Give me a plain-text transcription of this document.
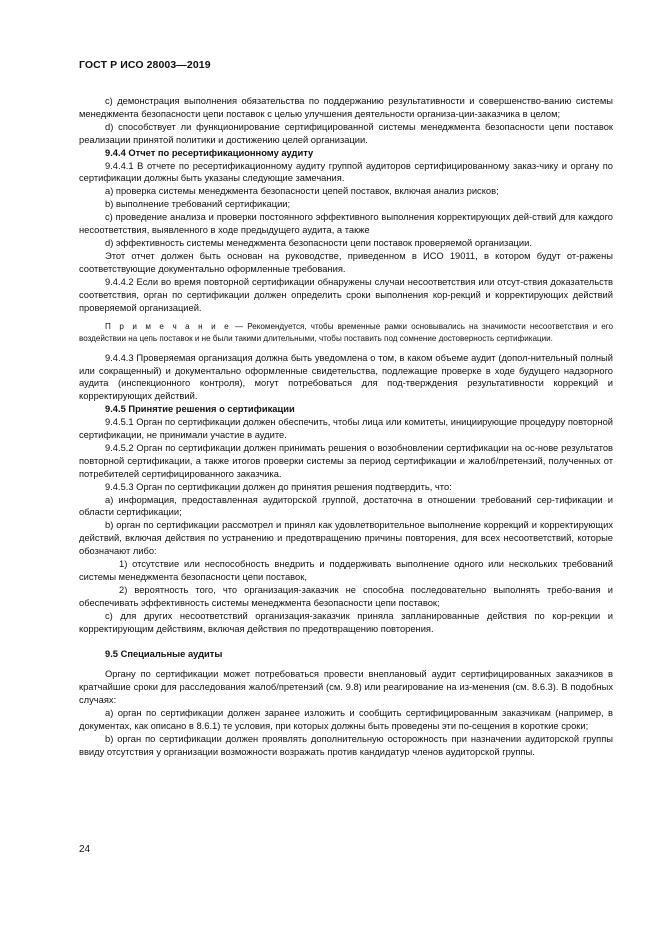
ГОСТ Р ИСО 28003—2019

c) демонстрация выполнения обязательства по поддержанию результативности и совершенство-ванию системы менеджмента безопасности цепи поставок с целью улучшения деятельности организа-ции-заказчика в целом;

d) способствует ли функционирование сертифицированной системы менеджмента безопасности цепи поставок реализации принятой политики и достижению целей организации.

9.4.4 Отчет по ресертификационному аудиту

9.4.4.1 В отчете по ресертификационному аудиту группой аудиторов сертифицированному заказ-чику и органу по сертификации должны быть указаны следующие замечания.

a) проверка системы менеджмента безопасности цепей поставок, включая анализ рисков;

b) выполнение требований сертификации;

c) проведение анализа и проверки постоянного эффективного выполнения корректирующих дей-ствий для каждого несоответствия, выявленного в ходе предыдущего аудита, а также

d) эффективность системы менеджмента безопасности цепи поставок проверяемой организации.

Этот отчет должен быть основан на руководстве, приведенном в ИСО 19011, в котором будут от-ражены соответствующие документально оформленные требования.

9.4.4.2 Если во время повторной сертификации обнаружены случаи несоответствия или отсут-ствия доказательств соответствия, орган по сертификации должен определить сроки выполнения кор-рекций и корректирующих действий проверяемой организацией.

П р и м е ч а н и е — Рекомендуется, чтобы временные рамки основывались на значимости несоответствия и его воздействии на цепь поставок и не были такими длительными, чтобы поставить под сомнение достоверность сертификации.

9.4.4.3 Проверяемая организация должна быть уведомлена о том, в каком объеме аудит (допол-нительный полный или сокращенный) и документально оформленные свидетельства, подлежащие проверке в ходе будущего надзорного аудита (инспекционного контроля), могут потребоваться для под-тверждения результативности коррекций и корректирующих действий.

9.4.5 Принятие решения о сертификации

9.4.5.1 Орган по сертификации должен обеспечить, чтобы лица или комитеты, инициирующие процедуру повторной сертификации, не принимали участие в аудите.

9.4.5.2 Орган по сертификации должен принимать решения о возобновлении сертификации на ос-нове результатов повторной сертификации, а также итогов проверки системы за период сертификации и жалоб/претензий, полученных от потребителей сертифицированного заказчика.

9.4.5.3 Орган по сертификации должен до принятия решения подтвердить, что:

a) информация, предоставленная аудиторской группой, достаточна в отношении требований сер-тификации и области сертификации;

b) орган по сертификации рассмотрел и принял как удовлетворительное выполнение коррекций и корректирующих действий, включая действия по устранению и предотвращению причины повторения, для всех несоответствий, которые обозначают либо:

1) отсутствие или неспособность внедрить и поддерживать выполнение одного или нескольких требований системы менеджмента безопасности цепи поставок,

2) вероятность того, что организация-заказчик не способна последовательно выполнять требо-вания и обеспечивать эффективность системы менеджмента безопасности цепи поставок;

c) для других несоответствий организация-заказчик приняла запланированные действия по кор-рекции и корректирующим действиям, включая действия по предотвращению повторения.

9.5 Специальные аудиты

Органу по сертификации может потребоваться провести внеплановый аудит сертифицированных заказчиков в кратчайшие сроки для расследования жалоб/претензий (см. 9.8) или реагирование на из-менения (см. 8.6.3). В подобных случаях:

a) орган по сертификации должен заранее изложить и сообщить сертифицированным заказчикам (например, в документах, как описано в 8.6.1) те условия, при которых должны быть проведены эти по-сещения в короткие сроки;

b) орган по сертификации должен проявлять дополнительную осторожность при назначении аудиторской группы ввиду отсутствия у организации возможности возражать против кандидатур членов аудиторской группы.

24
